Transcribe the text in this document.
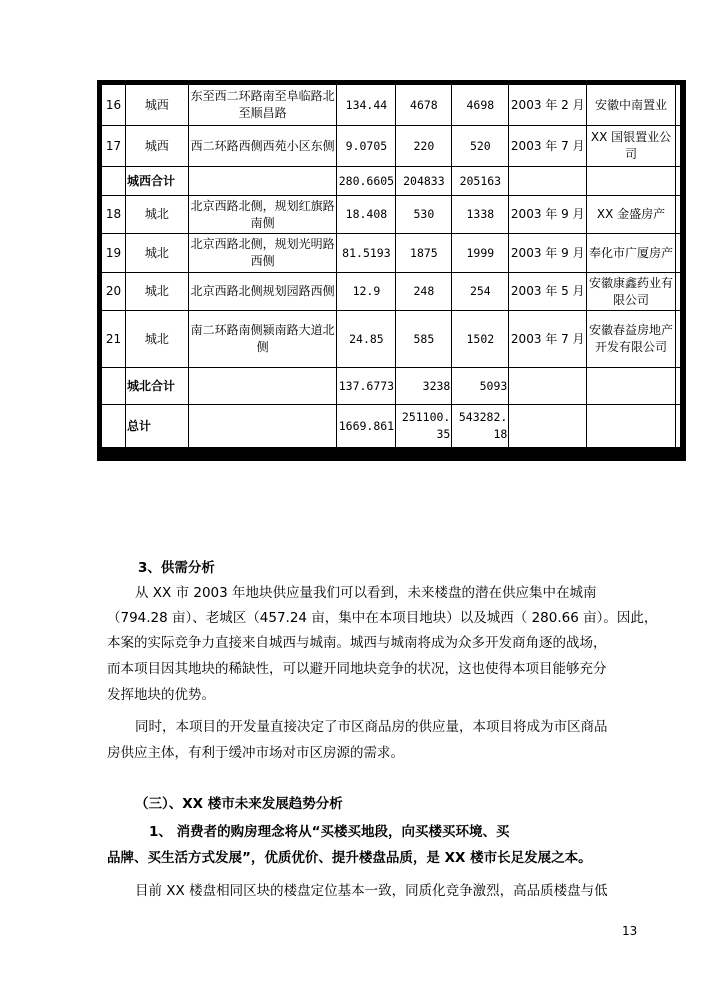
16	城西	东至西二环路南至阜临路北至顺昌路	134.44	4678	4698	2003 年 2 月	安徽中南置业	
17	城西	西二环路西侧西苑小区东侧	9.0705	220	520	2003 年 7 月	XX 国银置业公司	
	城西合计		280.6605	204833	205163			
18	城北	北京西路北侧，规划红旗路南侧	18.408	530	1338	2003 年 9 月	XX 金盛房产	
19	城北	北京西路北侧，规划光明路西侧	81.5193	1875	1999	2003 年 9 月	奉化市广厦房产	
20	城北	北京西路北侧规划园路西侧	12.9	248	254	2003 年 5 月	安徽康鑫药业有限公司	
21	城北	南二环路南侧颍南路大道北侧	24.85	585	1502	2003 年 7 月	安徽春益房地产开发有限公司	
	城北合计		137.6773	3238	5093			
	总计		1669.861	251100.35	543282.18			
3、供需分析
从 XX 市 2003 年地块供应量我们可以看到，未来楼盘的潜在供应集中在城南
（794.28 亩）、老城区（457.24 亩，集中在本项目地块）以及城西（ 280.66 亩）。因此，
本案的实际竞争力直接来自城西与城南。城西与城南将成为众多开发商角逐的战场，
而本项目因其地块的稀缺性，可以避开同地块竞争的状况，这也使得本项目能够充分
发挥地块的优势。
同时，本项目的开发量直接决定了市区商品房的供应量，本项目将成为市区商品
房供应主体，有利于缓冲市场对市区房源的需求。
（三）、XX 楼市未来发展趋势分析
1、 消费者的购房理念将从“买楼买地段，向买楼买环境、买
品牌、买生活方式发展”，优质优价、提升楼盘品质，是 XX 楼市长足发展之本。
目前 XX 楼盘相同区块的楼盘定位基本一致，同质化竞争激烈，高品质楼盘与低
13
